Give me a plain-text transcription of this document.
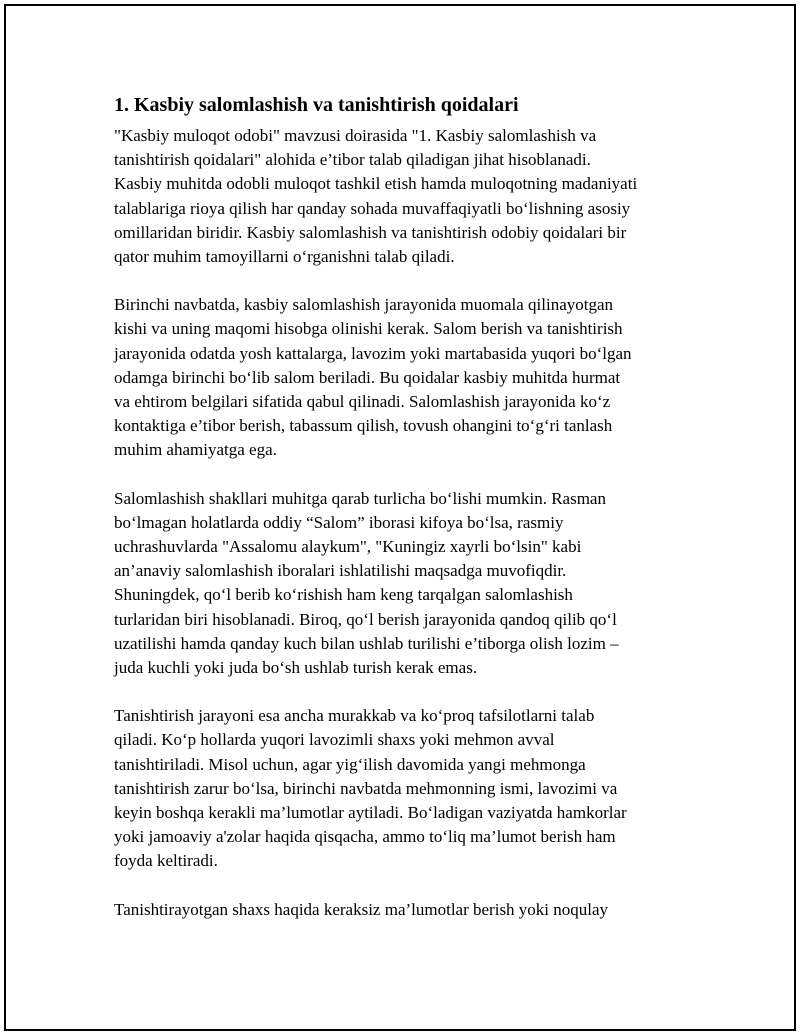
1. Kasbiy salomlashish va tanishtirish qoidalari

"Kasbiy muloqot odobi" mavzusi doirasida "1. Kasbiy salomlashish va
tanishtirish qoidalari" alohida e’tibor talab qiladigan jihat hisoblanadi.
Kasbiy muhitda odobli muloqot tashkil etish hamda muloqotning madaniyati
talablariga rioya qilish har qanday sohada muvaffaqiyatli bo‘lishning asosiy
omillaridan biridir. Kasbiy salomlashish va tanishtirish odobiy qoidalari bir
qator muhim tamoyillarni o‘rganishni talab qiladi.

Birinchi navbatda, kasbiy salomlashish jarayonida muomala qilinayotgan
kishi va uning maqomi hisobga olinishi kerak. Salom berish va tanishtirish
jarayonida odatda yosh kattalarga, lavozim yoki martabasida yuqori bo‘lgan
odamga birinchi bo‘lib salom beriladi. Bu qoidalar kasbiy muhitda hurmat
va ehtirom belgilari sifatida qabul qilinadi. Salomlashish jarayonida ko‘z
kontaktiga e’tibor berish, tabassum qilish, tovush ohangini to‘g‘ri tanlash
muhim ahamiyatga ega.

Salomlashish shakllari muhitga qarab turlicha bo‘lishi mumkin. Rasman
bo‘lmagan holatlarda oddiy “Salom” iborasi kifoya bo‘lsa, rasmiy
uchrashuvlarda "Assalomu alaykum", "Kuningiz xayrli bo‘lsin" kabi
an’anaviy salomlashish iboralari ishlatilishi maqsadga muvofiqdir.
Shuningdek, qo‘l berib ko‘rishish ham keng tarqalgan salomlashish
turlaridan biri hisoblanadi. Biroq, qo‘l berish jarayonida qandoq qilib qo‘l
uzatilishi hamda qanday kuch bilan ushlab turilishi e’tiborga olish lozim –
juda kuchli yoki juda bo‘sh ushlab turish kerak emas.

Tanishtirish jarayoni esa ancha murakkab va ko‘proq tafsilotlarni talab
qiladi. Ko‘p hollarda yuqori lavozimli shaxs yoki mehmon avval
tanishtiriladi. Misol uchun, agar yig‘ilish davomida yangi mehmonga
tanishtirish zarur bo‘lsa, birinchi navbatda mehmonning ismi, lavozimi va
keyin boshqa kerakli ma’lumotlar aytiladi. Bo‘ladigan vaziyatda hamkorlar
yoki jamoaviy a'zolar haqida qisqacha, ammo to‘liq ma’lumot berish ham
foyda keltiradi.

Tanishtirayotgan shaxs haqida keraksiz ma’lumotlar berish yoki noqulay
